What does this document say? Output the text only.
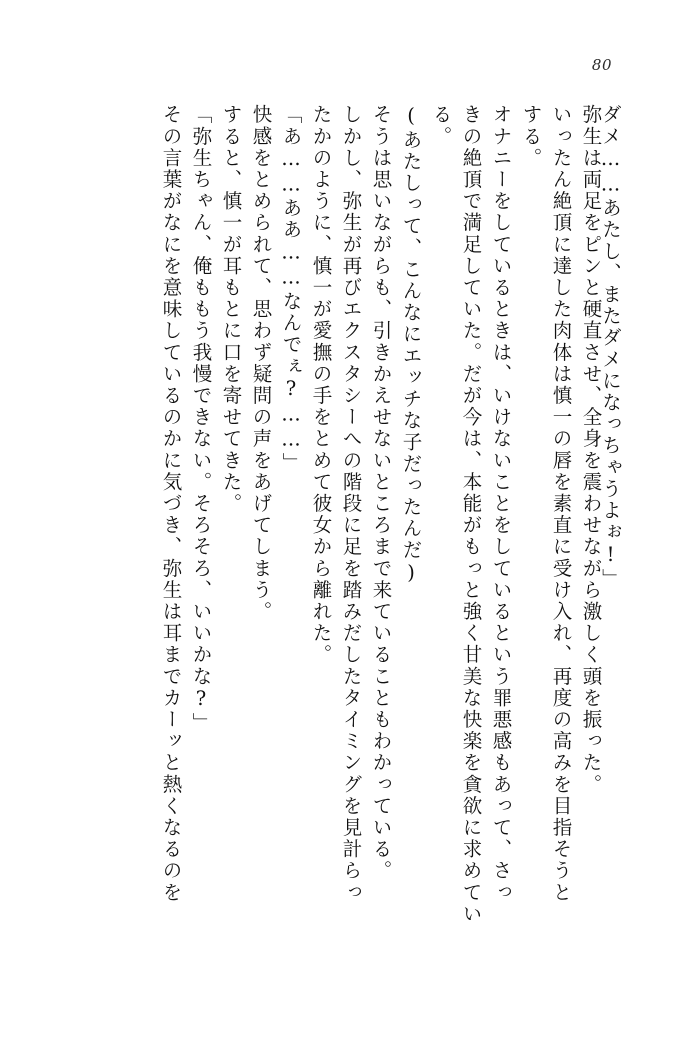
80
ダメ……あたし、またダメになっちゃうよぉ!」
弥生は両足をピンと硬直させ、全身を震わせながら激しく頭を振った。
いったん絶頂に達した肉体は慎一の唇を素直に受け入れ、再度の高みを目指そうと
する。
オナニーをしているときは、いけないことをしているという罪悪感もあって、さっ
きの絶頂で満足していた。だが今は、本能がもっと強く甘美な快楽を貪欲に求めてい
る。
(あたしって、こんなにエッチな子だったんだ)
そうは思いながらも、引きかえせないところまで来ていることもわかっている。
しかし、弥生が再びエクスタシーへの階段に足を踏みだしたタイミングを見計らっ
たかのように、慎一が愛撫の手をとめて彼女から離れた。
「あ……ああ……なんでぇ?……」
快感をとめられて、思わず疑問の声をあげてしまう。
すると、慎一が耳もとに口を寄せてきた。
「弥生ちゃん、俺ももう我慢できない。そろそろ、いいかな?」
その言葉がなにを意味しているのかに気づき、弥生は耳までカーッと熱くなるのを
